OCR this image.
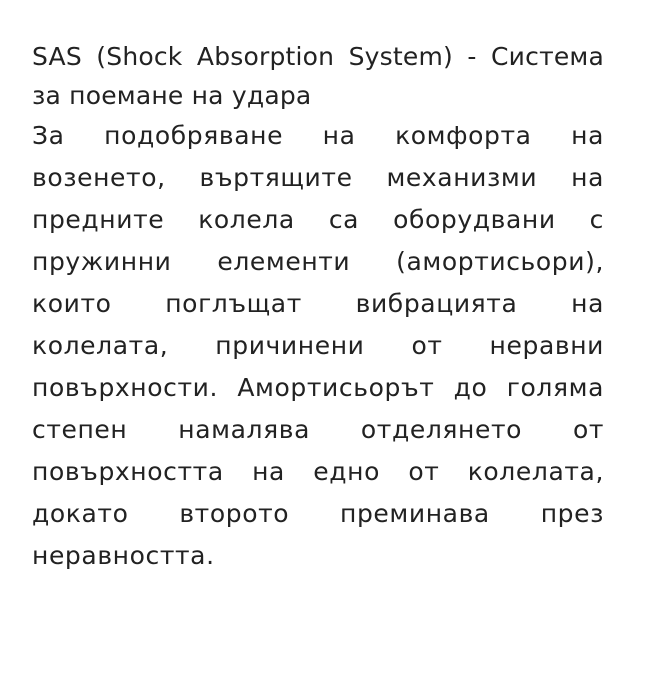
SAS (Shock Absorption System) - Система за поемане на удара

За подобряване на комфорта на возенето, въртящите механизми на предните колела са оборудвани с пружинни елементи (амортисьори), които поглъщат вибрацията на колелата, причинени от неравни повърхности. Амортисьорът до голяма степен намалява отделянето от повърхността на едно от колелата, докато второто преминава през неравността.
